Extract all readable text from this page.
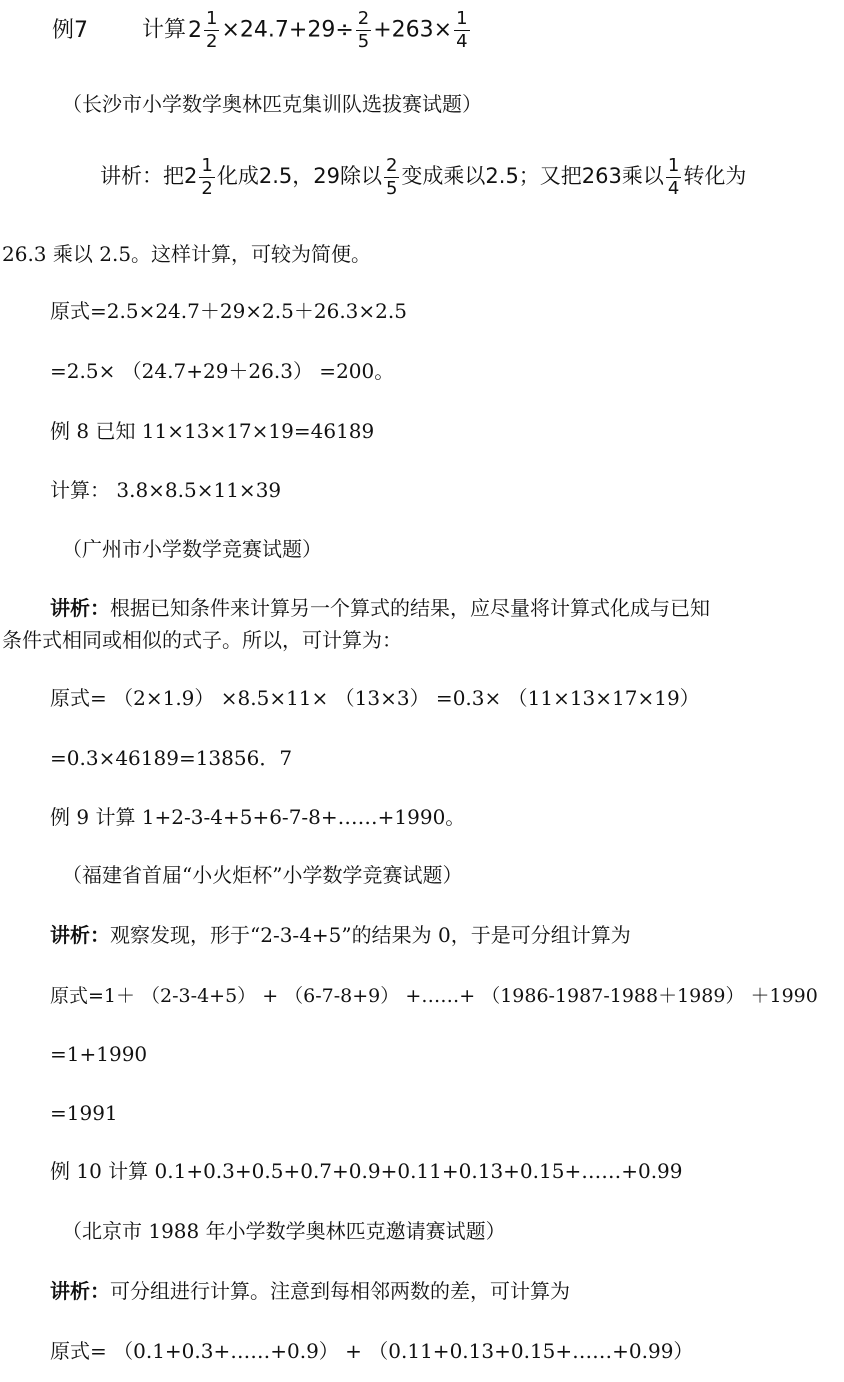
例7 计算$2 \frac{1}{2} \times 24.7+29\div \frac{2}{5} +263\times \frac{1}{4}$

（长沙市小学数学奥林匹克集训队选拔赛试题）

讲析：把$2 \frac{1}{2}$ 化成2.5，29除以 $\frac{2}{5}$ 变成乘以2.5；又把263乘以 $\frac{1}{4}$ 转化为

26.3 乘以 2.5。这样计算，可较为简便。

原式=2.5×24.7＋29×2.5＋26.3×2.5

=2.5× （24.7+29＋26.3） =200。

例 8 已知 11×13×17×19=46189

计算： 3.8×8.5×11×39

（广州市小学数学竞赛试题）

讲析：根据已知条件来计算另一个算式的结果，应尽量将计算式化成与已知

条件式相同或相似的式子。所以，可计算为：

原式= （2×1.9） ×8.5×11× （13×3） =0.3× （11×13×17×19）

=0.3×46189=13856．7

例 9 计算 1+2-3-4+5+6-7-8+……+1990。

（福建省首届“小火炬杯”小学数学竞赛试题）

讲析：观察发现，形于“2-3-4+5”的结果为 0，于是可分组计算为

原式=1＋ （2-3-4+5） + （6-7-8+9） +……+ （1986-1987-1988＋1989） ＋1990

=1+1990

=1991

例 10 计算 0.1+0.3+0.5+0.7+0.9+0.11+0.13+0.15+……+0.99

（北京市 1988 年小学数学奥林匹克邀请赛试题）

讲析：可分组进行计算。注意到每相邻两数的差，可计算为

原式= （0.1+0.3+……+0.9） + （0.11+0.13+0.15+……+0.99）
